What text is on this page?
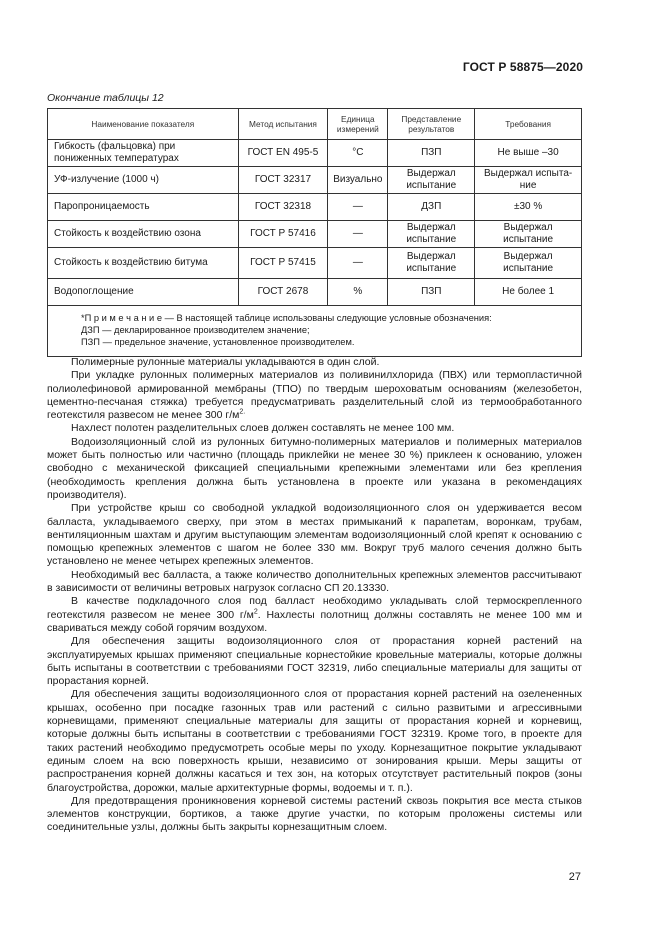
ГОСТ Р 58875—2020
Окончание таблицы 12
Наименование показателя	Метод испытания	Единица измерений	Представление результатов	Требования
Гибкость (фальцовка) при пониженных температурах	ГОСТ EN 495-5	°С	ПЗП	Не выше –30
УФ-излучение (1000 ч)	ГОСТ 32317	Визуально	Выдержал испытание	Выдержал испыта-ние
Паропроницаемость	ГОСТ 32318	—	ДЗП	±30 %
Стойкость к воздействию озона	ГОСТ Р 57416	—	Выдержал испытание	Выдержал испытание
Стойкость к воздействию битума	ГОСТ Р 57415	—	Выдержал испытание	Выдержал испытание
Водопоглощение	ГОСТ 2678	%	ПЗП	Не более 1

*П р и м е ч а н и е — В настоящей таблице использованы следующие условные обозначения:
ДЗП — декларированное производителем значение;
ПЗП — предельное значение, установленное производителем.				

Полимерные рулонные материалы укладываются в один слой.

При укладке рулонных полимерных материалов из поливинилхлорида (ПВХ) или термопластичной полиолефиновой армированной мембраны (ТПО) по твердым шероховатым основаниям (железобетон, цементно-песчаная стяжка) требуется предусматривать разделительный слой из термообработанного геотекстиля развесом не менее 300 $г/м^{2.}$

Нахлест полотен разделительных слоев должен составлять не менее 100 мм.

Водоизоляционный слой из рулонных битумно-полимерных материалов и полимерных материалов может быть полностью или частично (площадь приклейки не менее 30 %) приклеен к основанию, уложен свободно с механической фиксацией специальными крепежными элементами или без крепления (необходимость крепления должна быть установлена в проекте или указана в рекомендациях производителя).

При устройстве крыш со свободной укладкой водоизоляционного слоя он удерживается весом балласта, укладываемого сверху, при этом в местах примыканий к парапетам, воронкам, трубам, вентиляционным шахтам и другим выступающим элементам водоизоляционный слой крепят к основанию с помощью крепежных элементов с шагом не более 330 мм. Вокруг труб малого сечения должно быть установлено не менее четырех крепежных элементов.

Необходимый вес балласта, а также количество дополнительных крепежных элементов рассчитывают в зависимости от величины ветровых нагрузок согласно СП 20.13330.

В качестве подкладочного слоя под балласт необходимо укладывать слой термоскрепленного геотекстиля развесом не менее 300 $г/м^2$. Нахлесты полотнищ должны составлять не менее 100 мм и свариваться между собой горячим воздухом.

Для обеспечения защиты водоизоляционного слоя от прорастания корней растений на эксплуатируемых крышах применяют специальные корнестойкие кровельные материалы, которые должны быть испытаны в соответствии с требованиями ГОСТ 32319, либо специальные материалы для защиты от прорастания корней.

Для обеспечения защиты водоизоляционного слоя от прорастания корней растений на озелененных крышах, особенно при посадке газонных трав или растений с сильно развитыми и агрессивными корневищами, применяют специальные материалы для защиты от прорастания корней и корневищ, которые должны быть испытаны в соответствии с требованиями ГОСТ 32319. Кроме того, в проекте для таких растений необходимо предусмотреть особые меры по уходу. Корнезащитное покрытие укладывают единым слоем на всю поверхность крыши, независимо от зонирования крыши. Меры защиты от распространения корней должны касаться и тех зон, на которых отсутствует растительный покров (зоны благоустройства, дорожки, малые архитектурные формы, водоемы и т. п.).

Для предотвращения проникновения корневой системы растений сквозь покрытия все места стыков элементов конструкции, бортиков, а также другие участки, по которым проложены системы или соединительные узлы, должны быть закрыты корнезащитным слоем.

27
